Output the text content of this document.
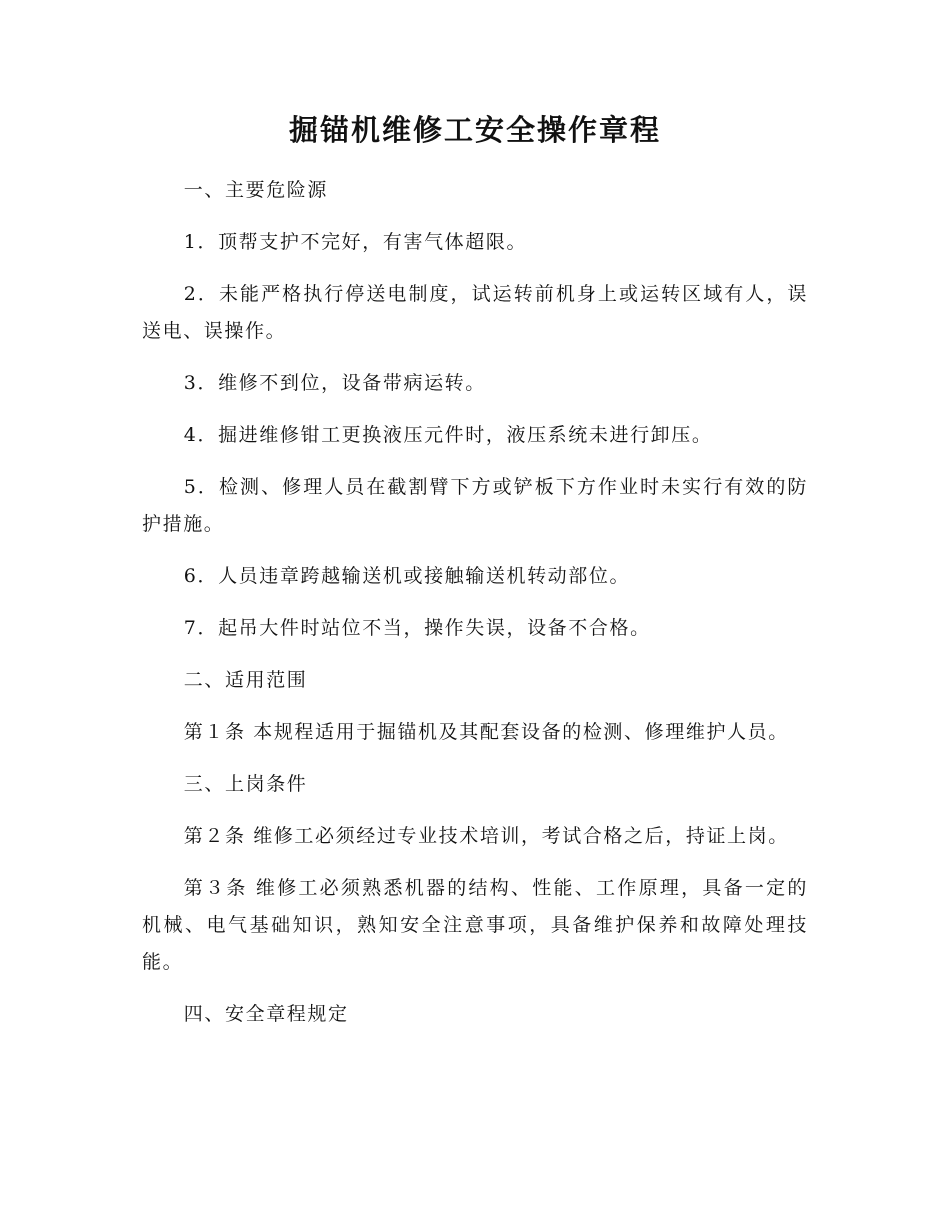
掘锚机维修工安全操作章程

一、主要危险源

1．顶帮支护不完好，有害气体超限。

2．未能严格执行停送电制度，试运转前机身上或运转区域有人，误送电、误操作。

3．维修不到位，设备带病运转。

4．掘进维修钳工更换液压元件时，液压系统未进行卸压。

5．检测、修理人员在截割臂下方或铲板下方作业时未实行有效的防护措施。

6．人员违章跨越输送机或接触输送机转动部位。

7．起吊大件时站位不当，操作失误，设备不合格。

二、适用范围

第１条 本规程适用于掘锚机及其配套设备的检测、修理维护人员。

三、上岗条件

第２条 维修工必须经过专业技术培训，考试合格之后，持证上岗。

第３条 维修工必须熟悉机器的结构、性能、工作原理，具备一定的机械、电气基础知识，熟知安全注意事项，具备维护保养和故障处理技能。

四、安全章程规定
